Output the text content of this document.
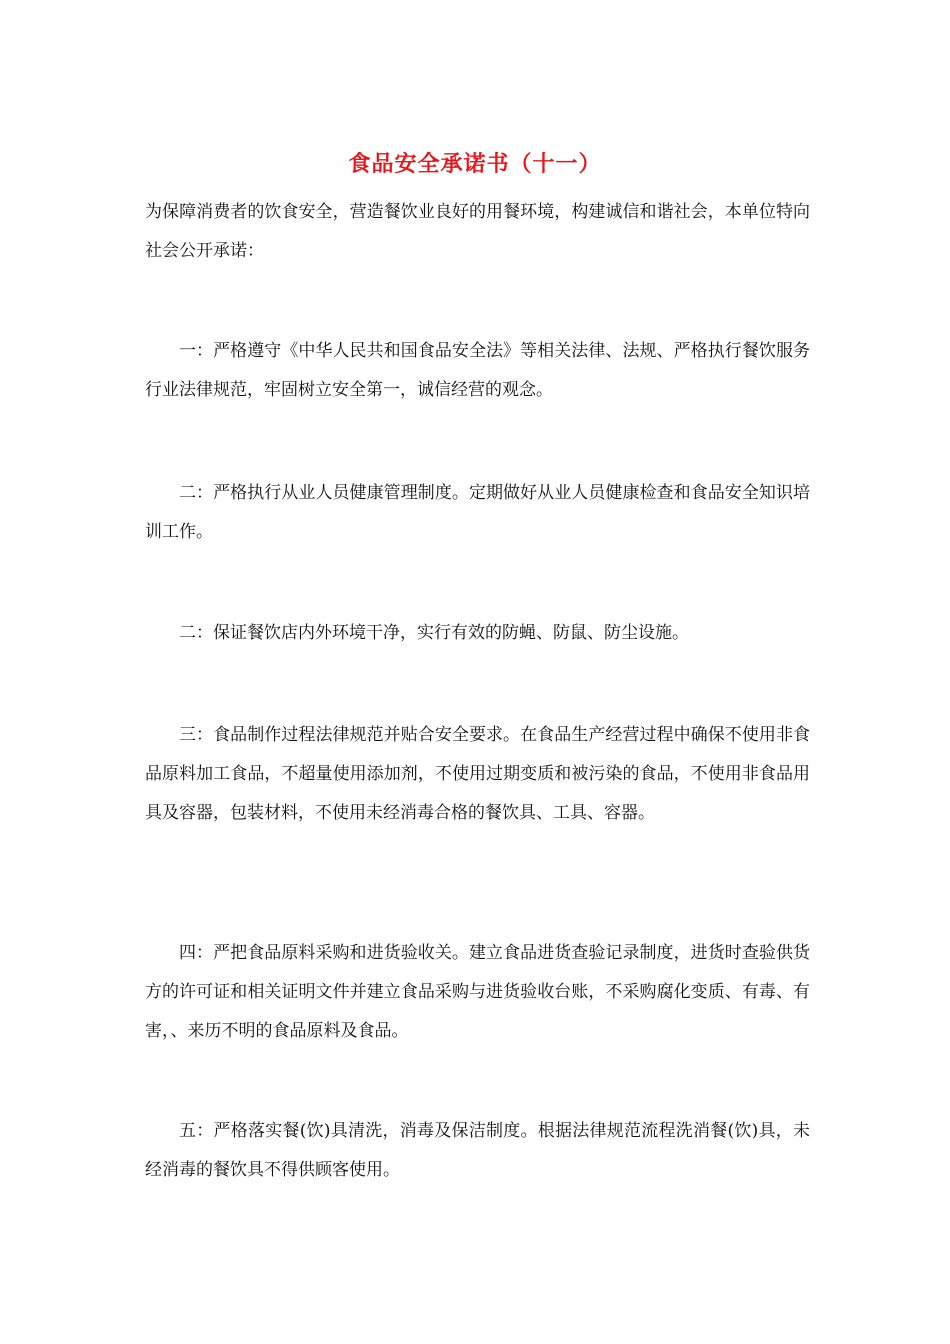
食品安全承诺书（十一）

为保障消费者的饮食安全，营造餐饮业良好的用餐环境，构建诚信和谐社会，本单位特向社会公开承诺：

一：严格遵守《中华人民共和国食品安全法》等相关法律、法规、严格执行餐饮服务行业法律规范，牢固树立安全第一，诚信经营的观念。

二：严格执行从业人员健康管理制度。定期做好从业人员健康检查和食品安全知识培训工作。

二：保证餐饮店内外环境干净，实行有效的防蝇、防鼠、防尘设施。

三：食品制作过程法律规范并贴合安全要求。在食品生产经营过程中确保不使用非食品原料加工食品，不超量使用添加剂，不使用过期变质和被污染的食品，不使用非食品用具及容器，包装材料，不使用未经消毒合格的餐饮具、工具、容器。

四：严把食品原料采购和进货验收关。建立食品进货查验记录制度，进货时查验供货方的许可证和相关证明文件并建立食品采购与进货验收台账，不采购腐化变质、有毒、有害，、来历不明的食品原料及食品。

五：严格落实餐(饮)具清洗，消毒及保洁制度。根据法律规范流程洗消餐(饮)具，未经消毒的餐饮具不得供顾客使用。
